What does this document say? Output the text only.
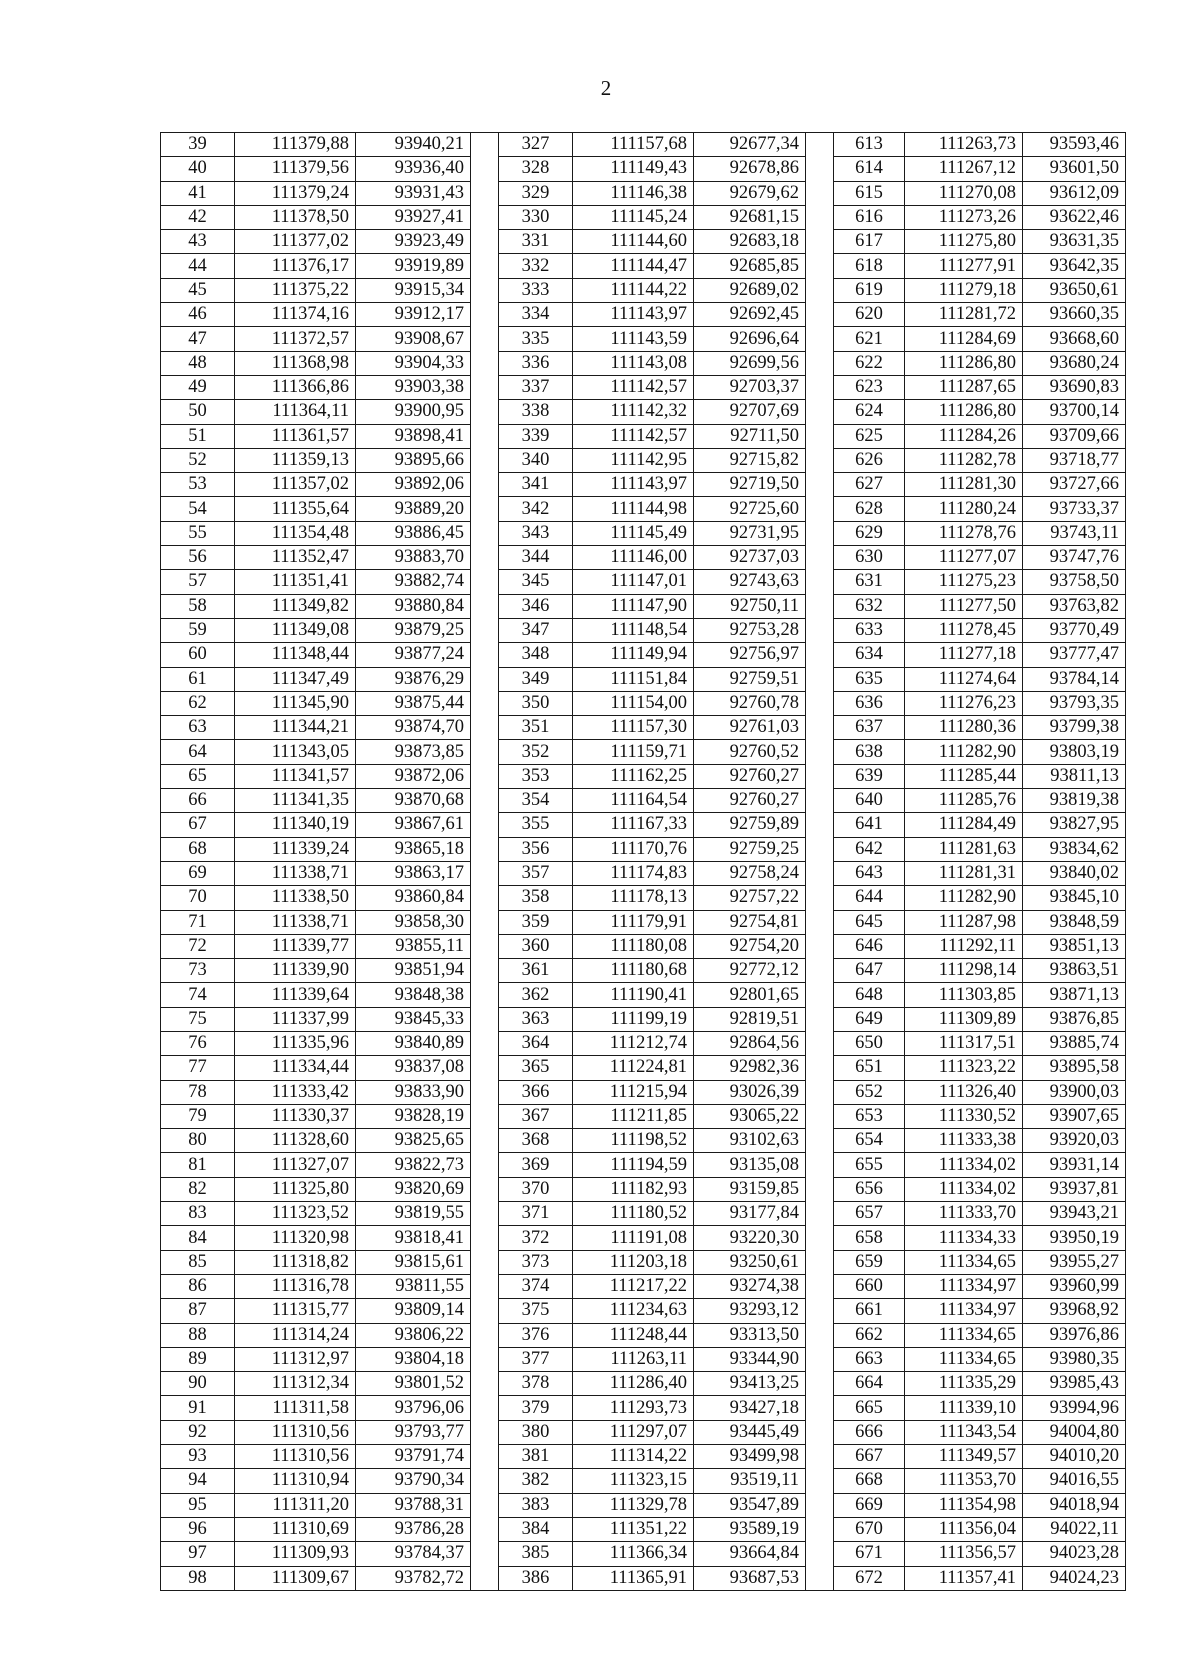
2
39	111379,88	93940,21		327	111157,68	92677,34		613	111263,73	93593,46
40	111379,56	93936,40		328	111149,43	92678,86		614	111267,12	93601,50
41	111379,24	93931,43		329	111146,38	92679,62		615	111270,08	93612,09
42	111378,50	93927,41		330	111145,24	92681,15		616	111273,26	93622,46
43	111377,02	93923,49		331	111144,60	92683,18		617	111275,80	93631,35
44	111376,17	93919,89		332	111144,47	92685,85		618	111277,91	93642,35
45	111375,22	93915,34		333	111144,22	92689,02		619	111279,18	93650,61
46	111374,16	93912,17		334	111143,97	92692,45		620	111281,72	93660,35
47	111372,57	93908,67		335	111143,59	92696,64		621	111284,69	93668,60
48	111368,98	93904,33		336	111143,08	92699,56		622	111286,80	93680,24
49	111366,86	93903,38		337	111142,57	92703,37		623	111287,65	93690,83
50	111364,11	93900,95		338	111142,32	92707,69		624	111286,80	93700,14
51	111361,57	93898,41		339	111142,57	92711,50		625	111284,26	93709,66
52	111359,13	93895,66		340	111142,95	92715,82		626	111282,78	93718,77
53	111357,02	93892,06		341	111143,97	92719,50		627	111281,30	93727,66
54	111355,64	93889,20		342	111144,98	92725,60		628	111280,24	93733,37
55	111354,48	93886,45		343	111145,49	92731,95		629	111278,76	93743,11
56	111352,47	93883,70		344	111146,00	92737,03		630	111277,07	93747,76
57	111351,41	93882,74		345	111147,01	92743,63		631	111275,23	93758,50
58	111349,82	93880,84		346	111147,90	92750,11		632	111277,50	93763,82
59	111349,08	93879,25		347	111148,54	92753,28		633	111278,45	93770,49
60	111348,44	93877,24		348	111149,94	92756,97		634	111277,18	93777,47
61	111347,49	93876,29		349	111151,84	92759,51		635	111274,64	93784,14
62	111345,90	93875,44		350	111154,00	92760,78		636	111276,23	93793,35
63	111344,21	93874,70		351	111157,30	92761,03		637	111280,36	93799,38
64	111343,05	93873,85		352	111159,71	92760,52		638	111282,90	93803,19
65	111341,57	93872,06		353	111162,25	92760,27		639	111285,44	93811,13
66	111341,35	93870,68		354	111164,54	92760,27		640	111285,76	93819,38
67	111340,19	93867,61		355	111167,33	92759,89		641	111284,49	93827,95
68	111339,24	93865,18		356	111170,76	92759,25		642	111281,63	93834,62
69	111338,71	93863,17		357	111174,83	92758,24		643	111281,31	93840,02
70	111338,50	93860,84		358	111178,13	92757,22		644	111282,90	93845,10
71	111338,71	93858,30		359	111179,91	92754,81		645	111287,98	93848,59
72	111339,77	93855,11		360	111180,08	92754,20		646	111292,11	93851,13
73	111339,90	93851,94		361	111180,68	92772,12		647	111298,14	93863,51
74	111339,64	93848,38		362	111190,41	92801,65		648	111303,85	93871,13
75	111337,99	93845,33		363	111199,19	92819,51		649	111309,89	93876,85
76	111335,96	93840,89		364	111212,74	92864,56		650	111317,51	93885,74
77	111334,44	93837,08		365	111224,81	92982,36		651	111323,22	93895,58
78	111333,42	93833,90		366	111215,94	93026,39		652	111326,40	93900,03
79	111330,37	93828,19		367	111211,85	93065,22		653	111330,52	93907,65
80	111328,60	93825,65		368	111198,52	93102,63		654	111333,38	93920,03
81	111327,07	93822,73		369	111194,59	93135,08		655	111334,02	93931,14
82	111325,80	93820,69		370	111182,93	93159,85		656	111334,02	93937,81
83	111323,52	93819,55		371	111180,52	93177,84		657	111333,70	93943,21
84	111320,98	93818,41		372	111191,08	93220,30		658	111334,33	93950,19
85	111318,82	93815,61		373	111203,18	93250,61		659	111334,65	93955,27
86	111316,78	93811,55		374	111217,22	93274,38		660	111334,97	93960,99
87	111315,77	93809,14		375	111234,63	93293,12		661	111334,97	93968,92
88	111314,24	93806,22		376	111248,44	93313,50		662	111334,65	93976,86
89	111312,97	93804,18		377	111263,11	93344,90		663	111334,65	93980,35
90	111312,34	93801,52		378	111286,40	93413,25		664	111335,29	93985,43
91	111311,58	93796,06		379	111293,73	93427,18		665	111339,10	93994,96
92	111310,56	93793,77		380	111297,07	93445,49		666	111343,54	94004,80
93	111310,56	93791,74		381	111314,22	93499,98		667	111349,57	94010,20
94	111310,94	93790,34		382	111323,15	93519,11		668	111353,70	94016,55
95	111311,20	93788,31		383	111329,78	93547,89		669	111354,98	94018,94
96	111310,69	93786,28		384	111351,22	93589,19		670	111356,04	94022,11
97	111309,93	93784,37		385	111366,34	93664,84		671	111356,57	94023,28
98	111309,67	93782,72		386	111365,91	93687,53		672	111357,41	94024,23
